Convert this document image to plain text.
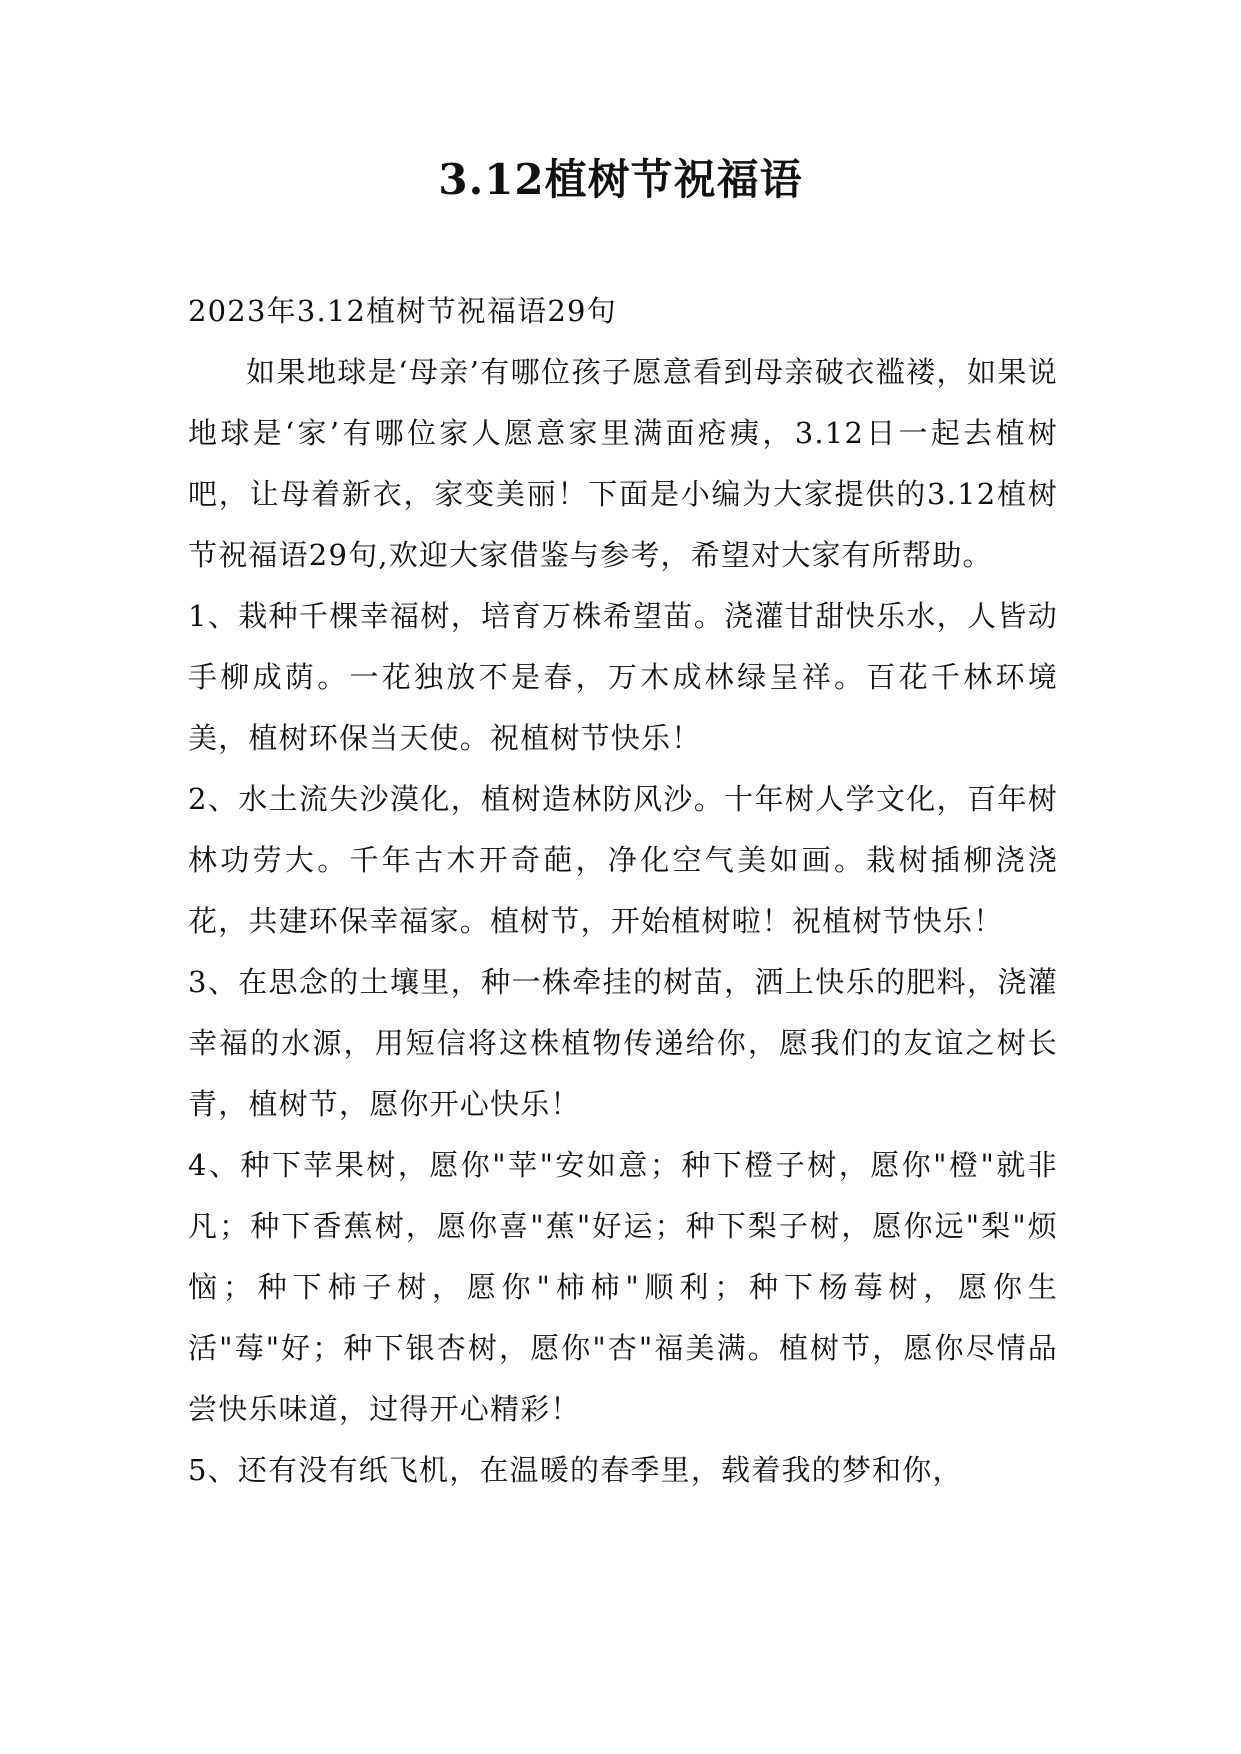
3.12植树节祝福语

2023年3.12植树节祝福语29句

如果地球是‘母亲’有哪位孩子愿意看到母亲破衣褴褛，如果说地球是‘家’有哪位家人愿意家里满面疮痍，3.12日一起去植树吧，让母着新衣，家变美丽！下面是小编为大家提供的3.12植树节祝福语29句,欢迎大家借鉴与参考，希望对大家有所帮助。

1、栽种千棵幸福树，培育万株希望苗。浇灌甘甜快乐水，人皆动手柳成荫。一花独放不是春，万木成林绿呈祥。百花千林环境美，植树环保当天使。祝植树节快乐！

2、水土流失沙漠化，植树造林防风沙。十年树人学文化，百年树林功劳大。千年古木开奇葩，净化空气美如画。栽树插柳浇浇花，共建环保幸福家。植树节，开始植树啦！祝植树节快乐！

3、在思念的土壤里，种一株牵挂的树苗，洒上快乐的肥料，浇灌幸福的水源，用短信将这株植物传递给你，愿我们的友谊之树长青，植树节，愿你开心快乐！

4、种下苹果树，愿你"苹"安如意；种下橙子树，愿你"橙"就非凡；种下香蕉树，愿你喜"蕉"好运；种下梨子树，愿你远"梨"烦恼；种下柿子树，愿你"柿柿"顺利；种下杨莓树，愿你生活"莓"好；种下银杏树，愿你"杏"福美满。植树节，愿你尽情品尝快乐味道，过得开心精彩！

5、还有没有纸飞机，在温暖的春季里，载着我的梦和你，
